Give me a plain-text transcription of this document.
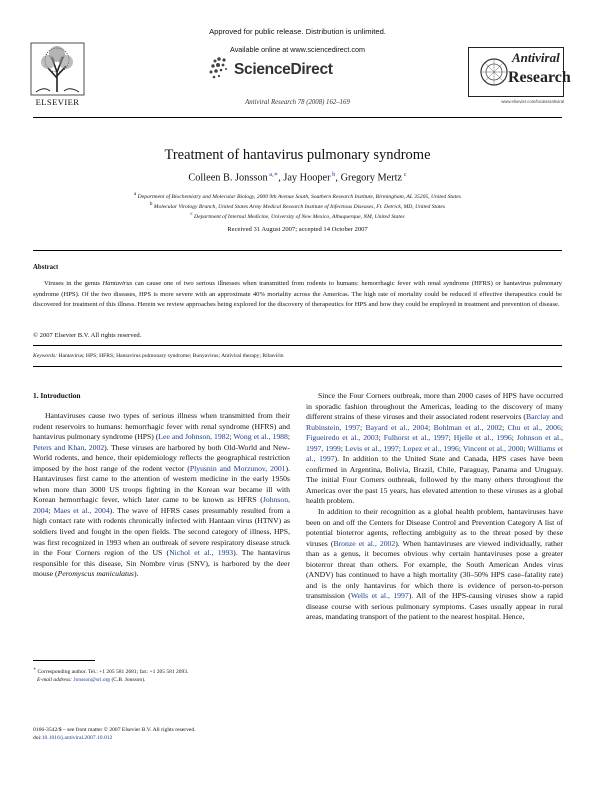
Approved for public release. Distribution is unlimited.
Available online at www.sciencedirect.com
ScienceDirect
ELSEVIER
Antiviral
Research
www.elsevier.com/locate/antiviral
Antiviral Research 78 (2008) 162–169
Treatment of hantavirus pulmonary syndrome
Colleen B. Jonsson $^{a,∗}$, Jay Hooper $^b$, Gregory Mertz $^c$
$^a$ Department of Biochemistry and Molecular Biology, 2000 9th Avenue South, Southern Research Institute, Birmingham, AL 35205, United States
$^b$ Molecular Virology Branch, United States Army Medical Research Institute of Infectious Diseases, Ft. Detrick, MD, United States
$^c$ Department of Internal Medicine, University of New Mexico, Albuquerque, NM, United States
Received 31 August 2007; accepted 14 October 2007
Abstract
Viruses in the genus Hantavirus can cause one of two serious illnesses when transmitted from rodents to humans: hemorrhagic fever with renal syndrome (HFRS) or hantavirus pulmonary syndrome (HPS). Of the two diseases, HPS is more severe with an approximate 40% mortality across the Americas. The high rate of mortality could be reduced if effective therapeutics could be discovered for treatment of this illness. Herein we review approaches being explored for the discovery of therapeutics for HPS and how they could be employed in treatment and prevention of disease.
© 2007 Elsevier B.V. All rights reserved.
Keywords: Hantavirus; HPS; HFRS; Hantavirus pulmonary syndrome; Bunyavirus; Antiviral therapy; Ribavirin
1. Introduction

Hantaviruses cause two types of serious illness when transmitted from their rodent reservoirs to humans: hemorrhagic fever with renal syndrome (HFRS) and hantavirus pulmonary syndrome (HPS) (Lee and Johnson, 1982; Wong et al., 1988; Peters and Khan, 2002). These viruses are harbored by both Old-World and New-World rodents, and hence, their epidemiology reflects the geographical restriction imposed by the host range of the rodent vector (Plyusnin and Morzunov, 2001). Hantaviruses first came to the attention of western medicine in the early 1950s when more than 3000 US troops fighting in the Korean war became ill with Korean hemorrhagic fever, which later came to be known as HFRS (Johnson, 2004; Maes et al., 2004). The wave of HFRS cases presumably resulted from a high contact rate with rodents chronically infected with Hantaan virus (HTNV) as soldiers lived and fought in the open fields. The second category of illness, HPS, was first recognized in 1993 when an outbreak of severe respiratory disease struck in the Four Corners region of the US (Nichol et al., 1993). The hantavirus responsible for this disease, Sin Nombre virus (SNV), is harbored by the deer mouse (Peromyscus maniculatus).

Since the Four Corners outbreak, more than 2000 cases of HPS have occurred in sporadic fashion throughout the Americas, leading to the discovery of many different strains of these viruses and their associated rodent reservoirs (Barclay and Rubinstein, 1997; Bayard et al., 2004; Bohlman et al., 2002; Chu et al., 2006; Figueiredo et al., 2003; Fulhorst et al., 1997; Hjelle et al., 1996; Johnson et al., 1997, 1999; Levis et al., 1997; Lopez et al., 1996; Vincent et al., 2000; Williams et al., 1997). In addition to the United State and Canada, HPS cases have been confirmed in Argentina, Bolivia, Brazil, Chile, Paraguay, Panama and Uruguay. The initial Four Corners outbreak, followed by the many others throughout the Americas over the past 15 years, has elevated attention to these viruses as a global health problem.

In addition to their recognition as a global health problem, hantaviruses have been on and off the Centers for Disease Control and Prevention Category A list of potential bioterror agents, reflecting ambiguity as to the threat posed by these viruses (Bronze et al., 2002). When hantaviruses are viewed individually, rather than as a genus, it becomes obvious why certain hantaviruses pose a greater bioterror threat than others. For example, the South American Andes virus (ANDV) has continued to have a high mortality (30–50% HPS case–fatality rate) and is the only hantavirus for which there is evidence of person-to-person transmission (Wells et al., 1997). All of the HPS-causing viruses show a rapid disease course with serious pulmonary symptoms. Cases usually appear in rural areas, mandating transport of the patient to the nearest hospital. Hence,

∗ Corresponding author. Tel.: +1 205 581 2681; fax: +1 205 581 2093.
E-mail address: Jonsson@sri.org (C.B. Jonsson).
0166-3542/$ – see front matter © 2007 Elsevier B.V. All rights reserved.
doi:10.1016/j.antiviral.2007.10.012
